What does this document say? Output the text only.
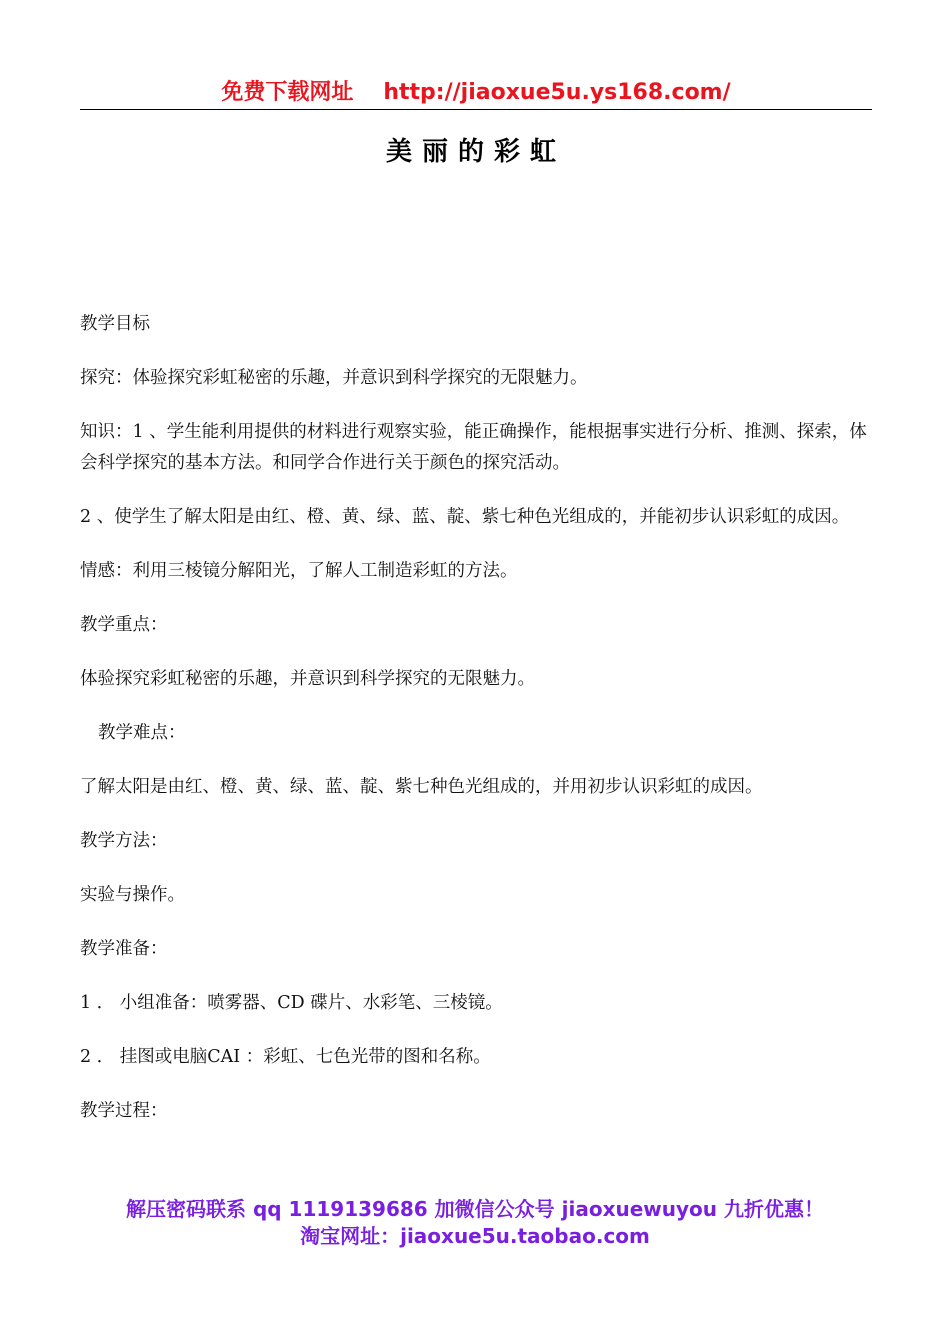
免费下载网址 http://jiaoxue5u.ys168.com/
美丽的彩虹

教学目标

探究：体验探究彩虹秘密的乐趣，并意识到科学探究的无限魅力。

知识：1 、学生能利用提供的材料进行观察实验，能正确操作，能根据事实进行分析、推测、探索，体会科学探究的基本方法。和同学合作进行关于颜色的探究活动。

2 、使学生了解太阳是由红、橙、黄、绿、蓝、靛、紫七种色光组成的，并能初步认识彩虹的成因。

情感：利用三棱镜分解阳光，了解人工制造彩虹的方法。

教学重点：

体验探究彩虹秘密的乐趣，并意识到科学探究的无限魅力。

教学难点：

了解太阳是由红、橙、黄、绿、蓝、靛、紫七种色光组成的，并用初步认识彩虹的成因。

教学方法：

实验与操作。

教学准备：

1 ． 小组准备：喷雾器、CD 碟片、水彩笔、三棱镜。

2 ． 挂图或电脑CAI ：彩虹、七色光带的图和名称。

教学过程：

解压密码联系 qq 1119139686 加微信公众号 jiaoxuewuyou 九折优惠！
淘宝网址：jiaoxue5u.taobao.com
